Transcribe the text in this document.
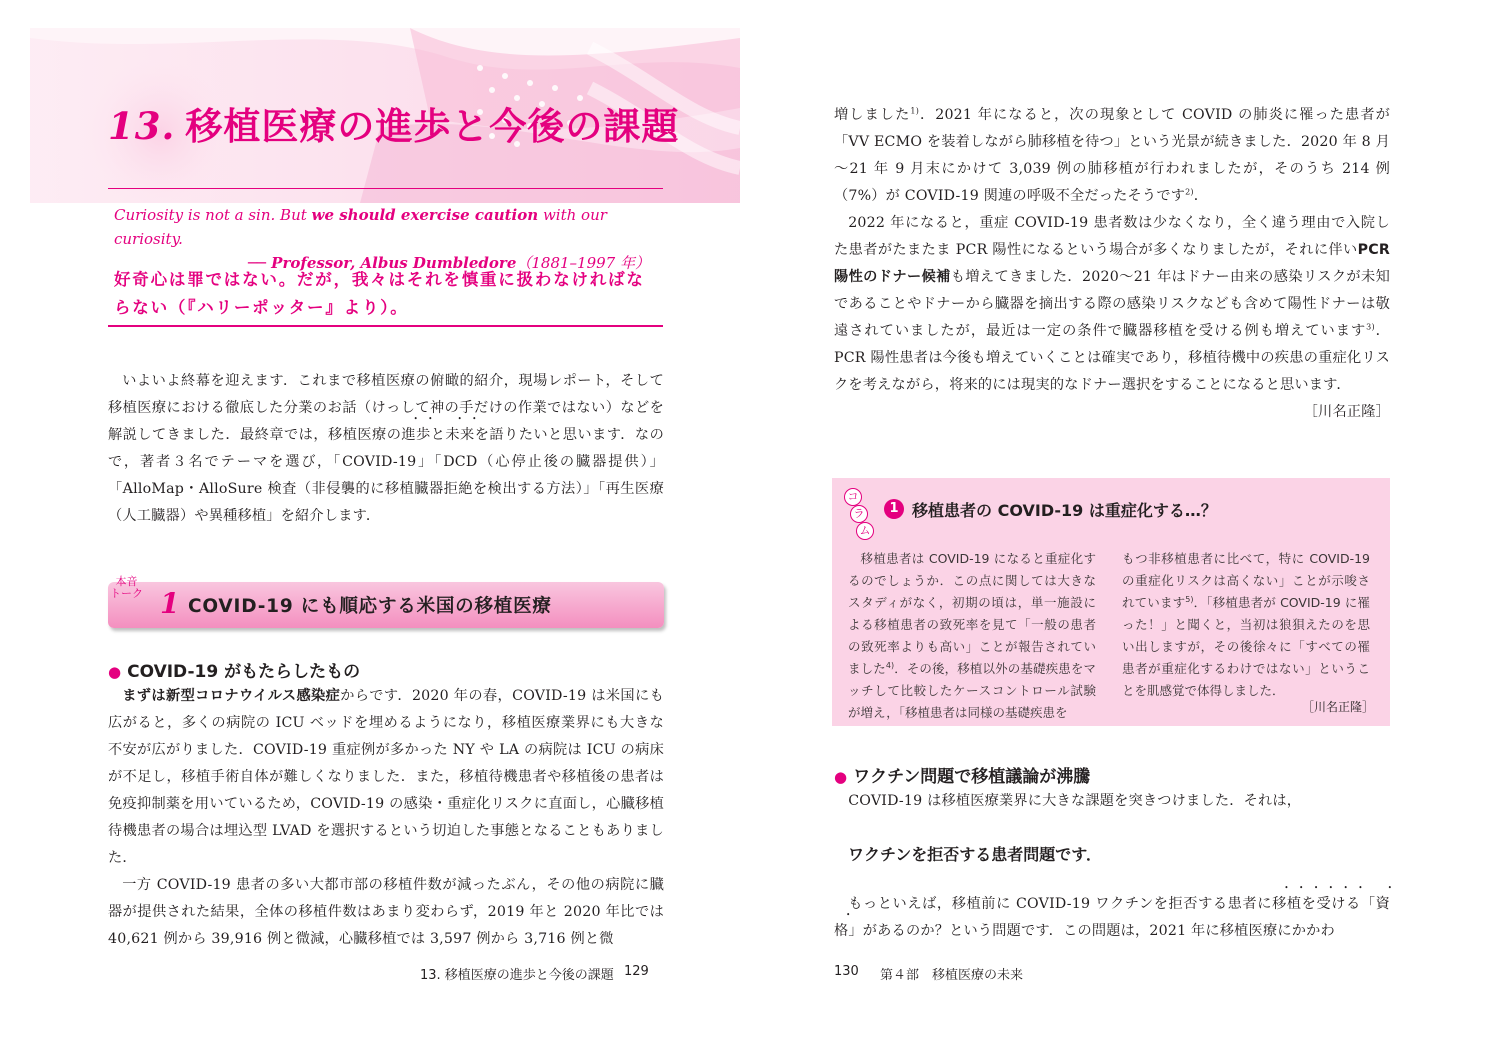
13. 移植医療の進歩と今後の課題
Curiosity is not a sin. But we should exercise caution with our curiosity.
── Professor, Albus Dumbledore（1881–1997 年）
好奇心は罪ではない。だが，我々はそれを慎重に扱わなければならない（『ハリーポッター』より）。

いよいよ終幕を迎えます．これまで移植医療の俯瞰的紹介，現場レポート，そして移植医療における徹底した分業のお話（けっして神の手だけの作業ではない）などを解説してきました．最終章では，移植医療の進歩と未来を語りたいと思います．なので，著者３名でテーマを選び，「COVID-19」「DCD（心停止後の臓器提供）」「AlloMap・AlloSure 検査（非侵襲的に移植臓器拒絶を検出する方法）」「再生医療（人工臓器）や異種移植」を紹介します．

本音
トーク 1 COVID-19 にも順応する米国の移植医療
● COVID-19 がもたらしたもの

まずは新型コロナウイルス感染症からです．2020 年の春，COVID-19 は米国にも広がると，多くの病院の ICU ベッドを埋めるようになり，移植医療業界にも大きな不安が広がりました．COVID-19 重症例が多かった NY や LA の病院は ICU の病床が不足し，移植手術自体が難しくなりました．また，移植待機患者や移植後の患者は免疫抑制薬を用いているため，COVID-19 の感染・重症化リスクに直面し，心臓移植待機患者の場合は埋込型 LVAD を選択するという切迫した事態となることもありました．

一方 COVID-19 患者の多い大都市部の移植件数が減ったぶん，その他の病院に臓器が提供された結果，全体の移植件数はあまり変わらず，2019 年と 2020 年比では 40,621 例から 39,916 例と微減，心臓移植では 3,597 例から 3,716 例と微

13. 移植医療の進歩と今後の課題 129

増しました$^{1)}$．2021 年になると，次の現象として COVID の肺炎に罹った患者が「VV ECMO を装着しながら肺移植を待つ」という光景が続きました．2020 年 8 月～21 年 9 月末にかけて 3,039 例の肺移植が行われましたが，そのうち 214 例（7%）が COVID-19 関連の呼吸不全だったそうです$^{2)}$．

2022 年になると，重症 COVID-19 患者数は少なくなり，全く違う理由で入院した患者がたまたま PCR 陽性になるという場合が多くなりましたが，それに伴いPCR 陽性のドナー候補も増えてきました．2020～21 年はドナー由来の感染リスクが未知であることやドナーから臓器を摘出する際の感染リスクなども含めて陽性ドナーは敬遠されていましたが，最近は一定の条件で臓器移植を受ける例も増えています$^{3)}$．PCR 陽性患者は今後も増えていくことは確実であり，移植待機中の疾患の重症化リスクを考えながら，将来的には現実的なドナー選択をすることになると思います．

［川名正隆］
コ
ラ
ム
1 移植患者の COVID-19 は重症化する…？

移植患者は COVID-19 になると重症化するのでしょうか．この点に関しては大きなスタディがなく，初期の頃は，単一施設による移植患者の致死率を見て「一般の患者の致死率よりも高い」ことが報告されていました$^{4)}$．その後，移植以外の基礎疾患をマッチして比較したケースコントロール試験が増え，「移植患者は同様の基礎疾患を

もつ非移植患者に比べて，特に COVID-19 の重症化リスクは高くない」ことが示唆されています$^{5)}$．「移植患者が COVID-19 に罹った！」と聞くと，当初は狼狽えたのを思い出しますが，その後徐々に「すべての罹患者が重症化するわけではない」ということを肌感覚で体得しました．

［川名正隆］
● ワクチン問題で移植議論が沸騰

COVID-19 は移植医療業界に大きな課題を突きつけました．それは，

ワクチンを拒否する患者問題です．

もっといえば，移植前に COVID-19 ワクチンを拒否する患者に移植を受ける「資格」があるのか？という問題です．この問題は，2021 年に移植医療にかかわ

130 第４部　移植医療の未来
